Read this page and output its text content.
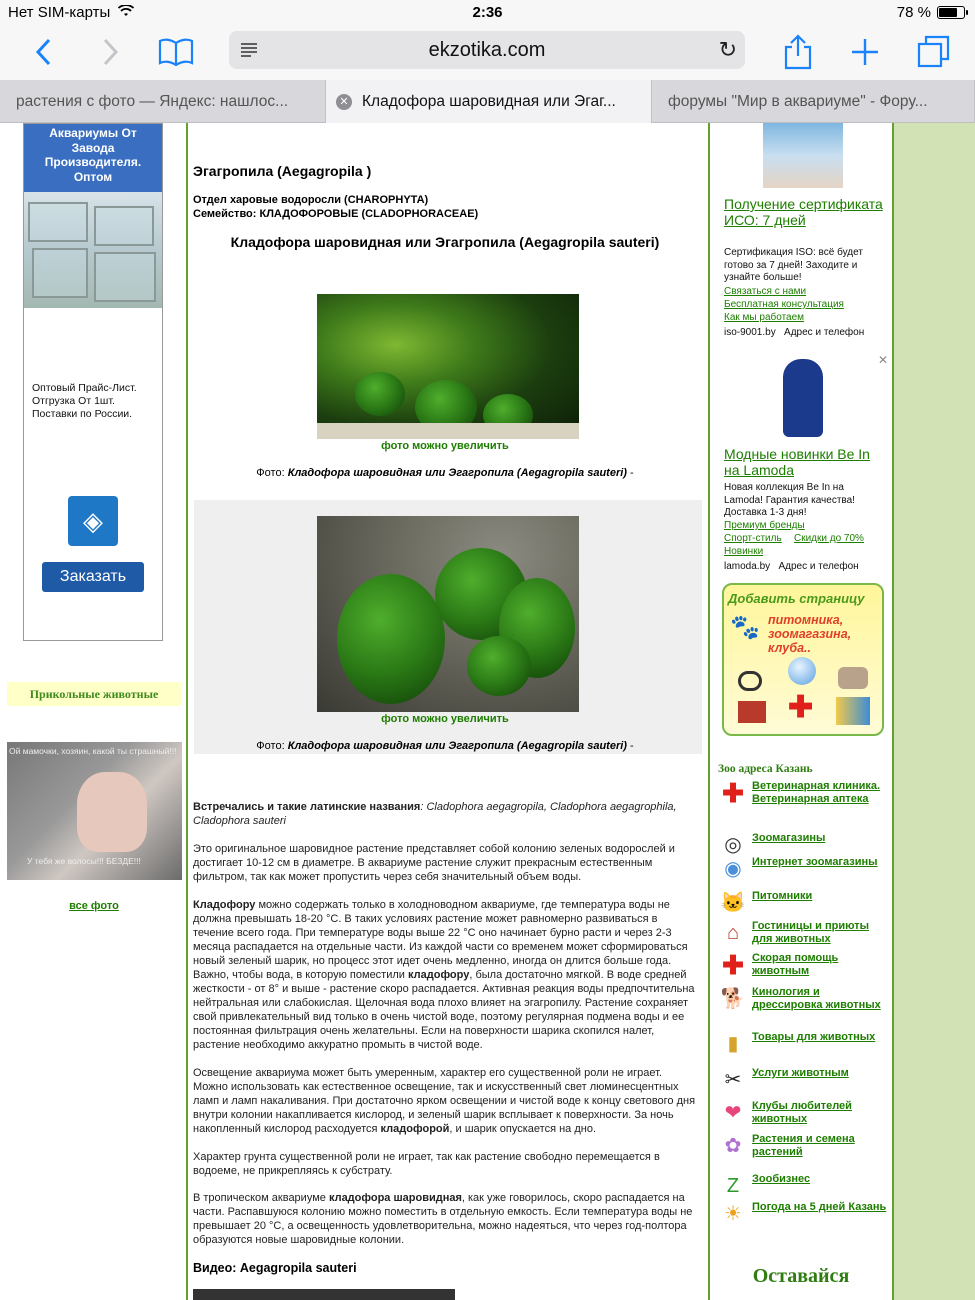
Нет SIM-карты	2:36	78 %
ekzotika.com	↻
растения с фото — Яндекс: нашлос...	✕ Кладофора шаровидная или Эгаг...	форумы "Мир в аквариуме" - Фору...
Аквариумы От Завода Производителя. Оптом
Оптовый Прайс-Лист. Отгрузка От 1шт. Поставки по России.
◈
Заказать
Прикольные животные
Ой мамочки, хозяин, какой ты страшный!!!
У тебя же волосы!!! БЕЗДЕ!!!
все фото
Эгагропила (Aegagropila )
Отдел харовые водоросли (CHAROPHYTA)
Семейство: КЛАДОФОРОВЫЕ (CLADOPHORACEAE)
Кладофора шаровидная или Эгагропила (Aegagropila sauteri)
фото можно увеличить
Фото: Кладофора шаровидная или Эгагропила (Aegagropila sauteri) -
фото можно увеличить
Фото: Кладофора шаровидная или Эгагропила (Aegagropila sauteri) -
Встречались и такие латинские названия: Cladophora aegagropila, Cladophora aegagrophila, Cladophora sauteri
Это оригинальное шаровидное растение представляет собой колонию зеленых водорослей и достигает 10-12 см в диаметре. В аквариуме растение служит прекрасным естественным фильтром, так как может пропустить через себя значительный объем воды.
Кладофору можно содержать только в холодноводном аквариуме, где температура воды не должна превышать 18-20 °С. В таких условиях растение может равномерно развиваться в течение всего года. При температуре воды выше 22 °С оно начинает бурно расти и через 2-3 месяца распадается на отдельные части. Из каждой части со временем может сформироваться новый зеленый шарик, но процесс этот идет очень медленно, иногда он длится больше года. Важно, чтобы вода, в которую поместили кладофору, была достаточно мягкой. В воде средней жесткости - от 8° и выше - растение скоро распадается. Активная реакция воды предпочтительна нейтральная или слабокислая. Щелочная вода плохо влияет на эгагропилу. Растение сохраняет свой привлекательный вид только в очень чистой воде, поэтому регулярная подмена воды и ее постоянная фильтрация очень желательны. Если на поверхности шарика скопился налет, растение необходимо аккуратно промыть в чистой воде.
Освещение аквариума может быть умеренным, характер его существенной роли не играет. Можно использовать как естественное освещение, так и искусственный свет люминесцентных ламп и ламп накаливания. При достаточно ярком освещении и чистой воде к концу светового дня внутри колонии накапливается кислород, и зеленый шарик всплывает к поверхности. За ночь накопленный кислород расходуется кладофорой, и шарик опускается на дно.
Характер грунта существенной роли не играет, так как растение свободно перемещается в водоеме, не прикрепляясь к субстрату.
В тропическом аквариуме кладофора шаровидная, как уже говорилось, скоро распадается на части. Распавшуюся колонию можно поместить в отдельную емкость. Если температура воды не превышает 20 °С, а освещенность удовлетворительна, можно надеяться, что через год-полтора образуются новые шаровидные колонии.
Видео: Aegagropila sauteri
Получение сертификата ИСО: 7 дней
Сертификация ISO: всё будет готово за 7 дней! Заходите и узнайте больше!
Связаться с нами
Бесплатная консультация
Как мы работаем
iso-9001.by Адрес и телефон
✕
Модные новинки Be In на Lamoda
Новая коллекция Be In на Lamoda! Гарантия качества! Доставка 1-3 дня!
Премиум бренды
Спорт-стиль Скидки до 70%
Новинки
lamoda.by Адрес и телефон
Добавить страницу
🐾 питомника, зоомагазина, клуба..
✚
Зоо адреса Казань
✚ Ветеринарная клиника. Ветеринарная аптека
◎ Зоомагазины
◉ Интернет зоомагазины
🐱 Питомники
⌂	Гостиницы и приюты для животных
✚ Скорая помощь животным
🐕 Кинология и дрессировка животных
▮	Товары для животных
✂ Услуги животным
❤ Клубы любителей животных
✿ Растения и семена растений
Z	Зообизнес
☀ Погода на 5 дней Казань
Оставайся
